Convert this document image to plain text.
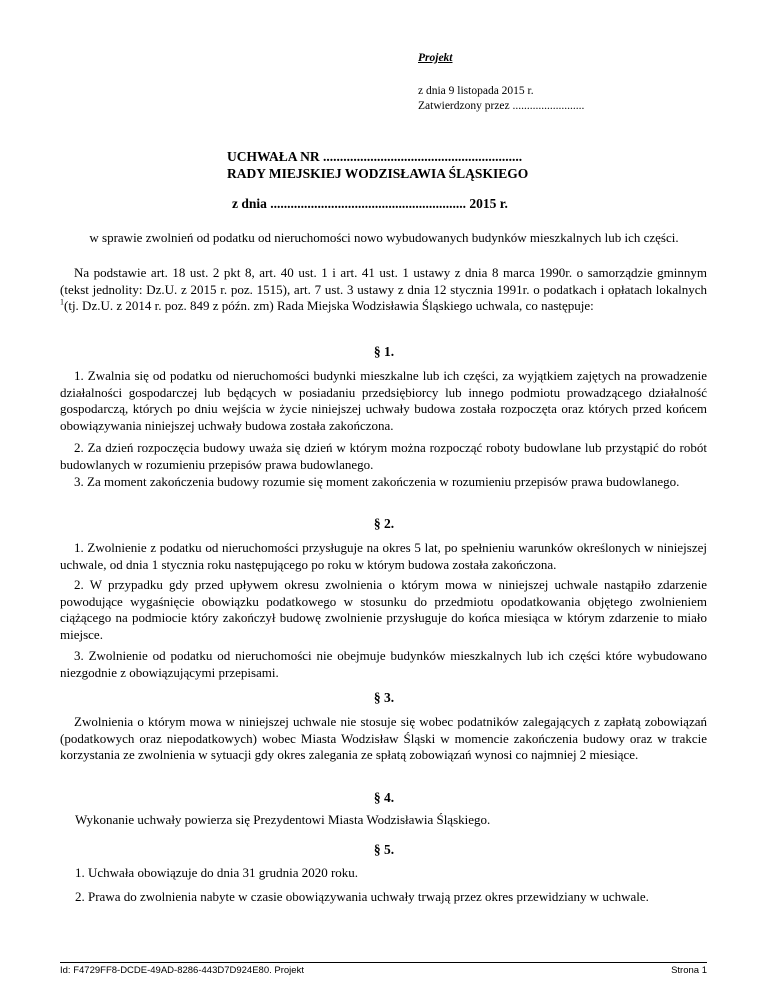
Projekt
z dnia 9 listopada 2015 r.
Zatwierdzony przez .........................
UCHWAŁA NR ...........................................................
RADY MIEJSKIEJ WODZISŁAWIA ŚLĄSKIEGO
z dnia .......................................................... 2015 r.
w sprawie zwolnień od podatku od nieruchomości nowo wybudowanych budynków mieszkalnych lub ich części.
Na podstawie art. 18 ust. 2 pkt 8, art. 40 ust. 1 i art. 41 ust. 1 ustawy z dnia 8 marca 1990r. o samorządzie gminnym (tekst jednolity: Dz.U. z 2015 r. poz. 1515), art. 7 ust. 3 ustawy z dnia 12 stycznia 1991r. o podatkach i opłatach lokalnych $^1$(tj. Dz.U. z 2014 r. poz. 849 z późn. zm) Rada Miejska Wodzisławia Śląskiego uchwala, co następuje:
§ 1.
1. Zwalnia się od podatku od nieruchomości budynki mieszkalne lub ich części, za wyjątkiem zajętych na prowadzenie działalności gospodarczej lub będących w posiadaniu przedsiębiorcy lub innego podmiotu prowadzącego działalność gospodarczą, których po dniu wejścia w życie niniejszej uchwały budowa została rozpoczęta oraz których przed końcem obowiązywania niniejszej uchwały budowa została zakończona.
2. Za dzień rozpoczęcia budowy uważa się dzień w którym można rozpocząć roboty budowlane lub przystąpić do robót budowlanych w rozumieniu przepisów prawa budowlanego.
3. Za moment zakończenia budowy rozumie się moment zakończenia w rozumieniu przepisów prawa budowlanego.
§ 2.
1. Zwolnienie z podatku od nieruchomości przysługuje na okres 5 lat, po spełnieniu warunków określonych w niniejszej uchwale, od dnia 1 stycznia roku następującego po roku w którym budowa została zakończona.
2. W przypadku gdy przed upływem okresu zwolnienia o którym mowa w niniejszej uchwale nastąpiło zdarzenie powodujące wygaśnięcie obowiązku podatkowego w stosunku do przedmiotu opodatkowania objętego zwolnieniem ciążącego na podmiocie który zakończył budowę zwolnienie przysługuje do końca miesiąca w którym zdarzenie to miało miejsce.
3. Zwolnienie od podatku od nieruchomości nie obejmuje budynków mieszkalnych lub ich części które wybudowano niezgodnie z obowiązującymi przepisami.
§ 3.
Zwolnienia o którym mowa w niniejszej uchwale nie stosuje się wobec podatników zalegających z zapłatą zobowiązań (podatkowych oraz niepodatkowych) wobec Miasta Wodzisław Śląski w momencie zakończenia budowy oraz w trakcie korzystania ze zwolnienia w sytuacji gdy okres zalegania ze spłatą zobowiązań wynosi co najmniej 2 miesiące.
§ 4.
Wykonanie uchwały powierza się Prezydentowi Miasta Wodzisławia Śląskiego.
§ 5.
1. Uchwała obowiązuje do dnia 31 grudnia 2020 roku.
2. Prawa do zwolnienia nabyte w czasie obowiązywania uchwały trwają przez okres przewidziany w uchwale.
Id: F4729FF8-DCDE-49AD-8286-443D7D924E80. Projekt	Strona 1
